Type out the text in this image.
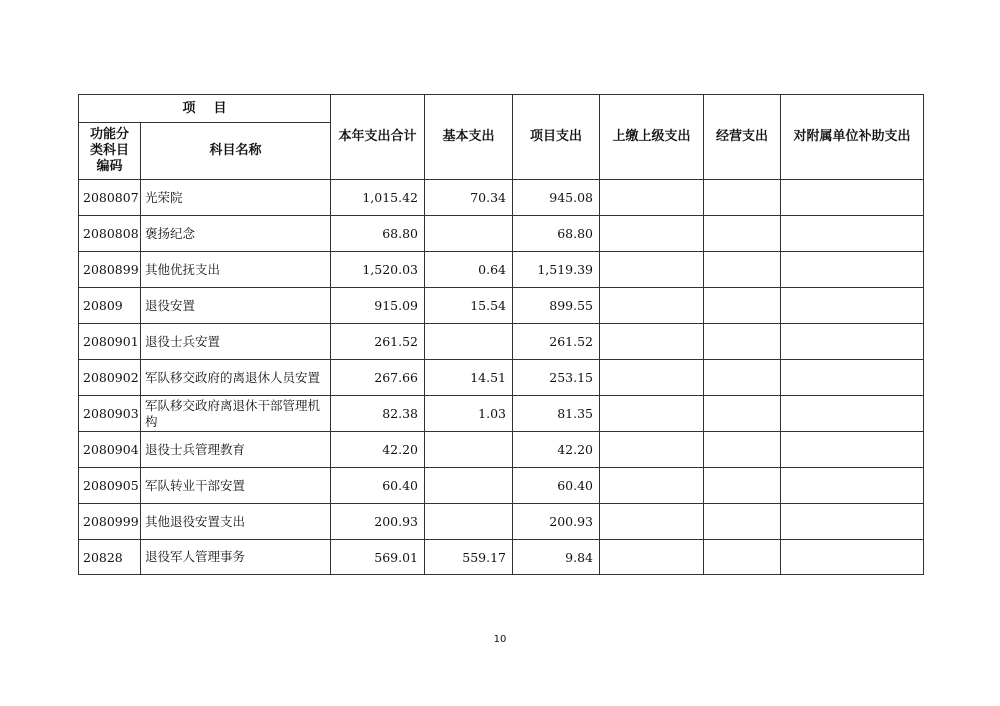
项    目		本年支出合计	基本支出	项目支出	上缴上级支出	经营支出	对附属单位补助支出
功能分类科目编码	科目名称						
2080807	光荣院	1,015.42	70.34	945.08			
2080808	褒扬纪念	68.80		68.80			
2080899	其他优抚支出	1,520.03	0.64	1,519.39			
20809	退役安置	915.09	15.54	899.55			
2080901	退役士兵安置	261.52		261.52			
2080902	军队移交政府的离退休人员安置	267.66	14.51	253.15			
2080903	军队移交政府离退休干部管理机构	82.38	1.03	81.35			
2080904	退役士兵管理教育	42.20		42.20			
2080905	军队转业干部安置	60.40		60.40			
2080999	其他退役安置支出	200.93		200.93			
20828	退役军人管理事务	569.01	559.17	9.84			
10
